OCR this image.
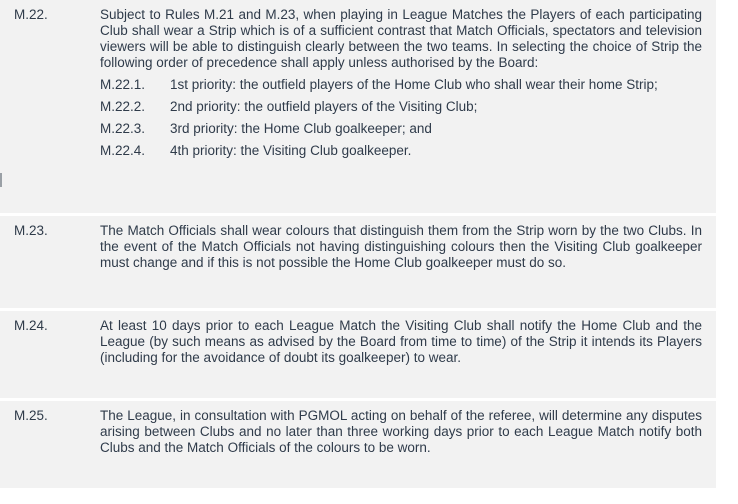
M.22.	Subject to Rules M.21 and M.23, when playing in League Matches the Players of each participating Club shall wear a Strip which is of a sufficient contrast that Match Officials, spectators and television viewers will be able to distinguish clearly between the two teams. In selecting the choice of Strip the following order of precedence shall apply unless authorised by the Board:

M.22.1.	1st priority: the outfield players of the Home Club who shall wear their home Strip;
M.22.2.	2nd priority: the outfield players of the Visiting Club;
M.22.3.	3rd priority: the Home Club goalkeeper; and
M.22.4.	4th priority: the Visiting Club goalkeeper.
M.23.	The Match Officials shall wear colours that distinguish them from the Strip worn by the two Clubs. In the event of the Match Officials not having distinguishing colours then the Visiting Club goalkeeper must change and if this is not possible the Home Club goalkeeper must do so.

M.24.	At least 10 days prior to each League Match the Visiting Club shall notify the Home Club and the League (by such means as advised by the Board from time to time) of the Strip it intends its Players (including for the avoidance of doubt its goalkeeper) to wear.

M.25.	The League, in consultation with PGMOL acting on behalf of the referee, will determine any disputes arising between Clubs and no later than three working days prior to each League Match notify both Clubs and the Match Officials of the colours to be worn.
